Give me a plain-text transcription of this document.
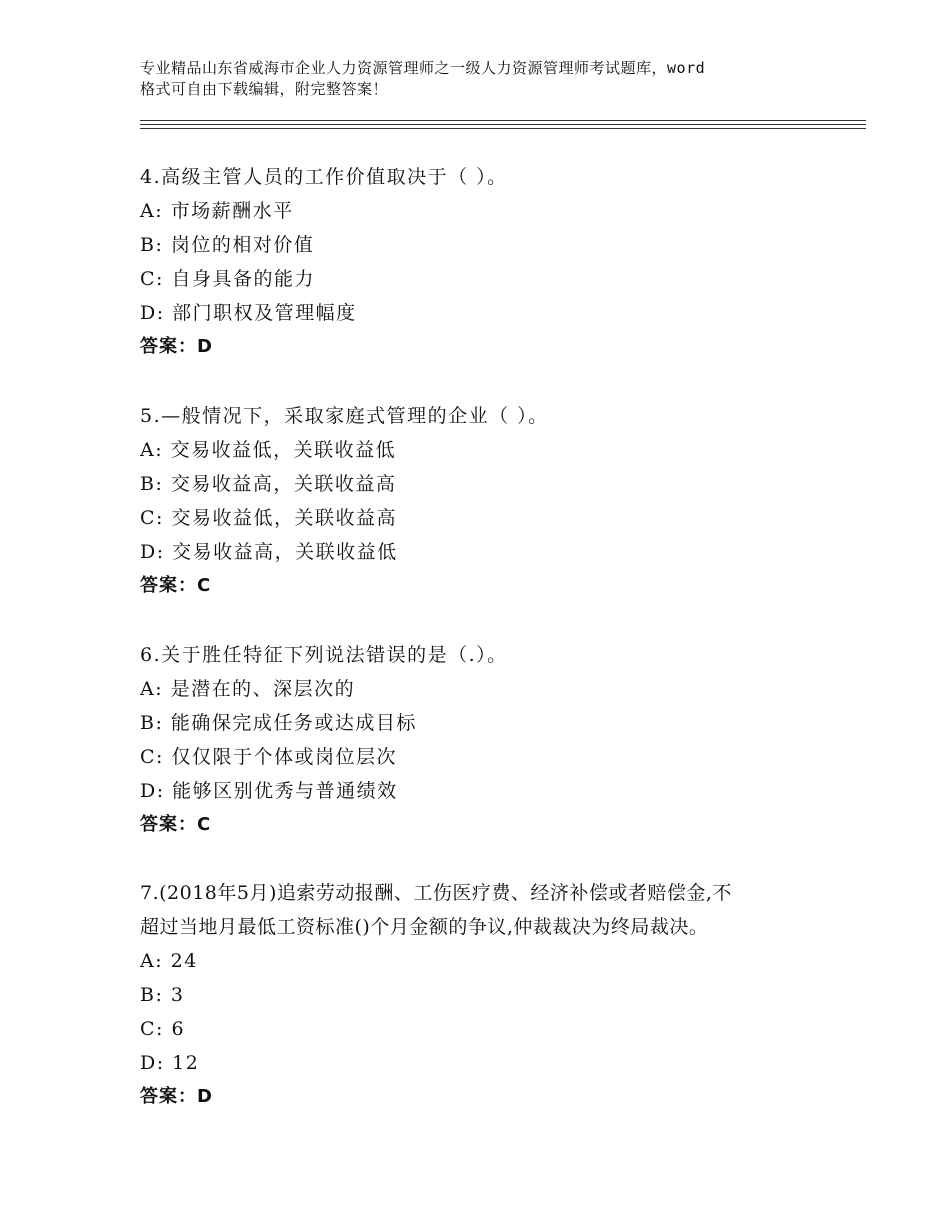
专业精品山东省威海市企业人力资源管理师之一级人力资源管理师考试题库，word
格式可自由下载编辑，附完整答案！
4.高级主管人员的工作价值取决于（ ）。
A: 市场薪酬水平
B: 岗位的相对价值
C: 自身具备的能力
D: 部门职权及管理幅度
答案：D
5.—般情况下，采取家庭式管理的企业（ ）。
A: 交易收益低，关联收益低
B: 交易收益高，关联收益高
C: 交易收益低，关联收益高
D: 交易收益高，关联收益低
答案：C
6.关于胜任特征下列说法错误的是（.）。
A: 是潜在的、深层次的
B: 能确保完成任务或达成目标
C: 仅仅限于个体或岗位层次
D: 能够区别优秀与普通绩效
答案：C
7.(2018年5月)追索劳动报酬、工伤医疗费、经济补偿或者赔偿金,不
超过当地月最低工资标准()个月金额的争议,仲裁裁决为终局裁决。
A: 24
B: 3
C: 6
D: 12
答案：D
